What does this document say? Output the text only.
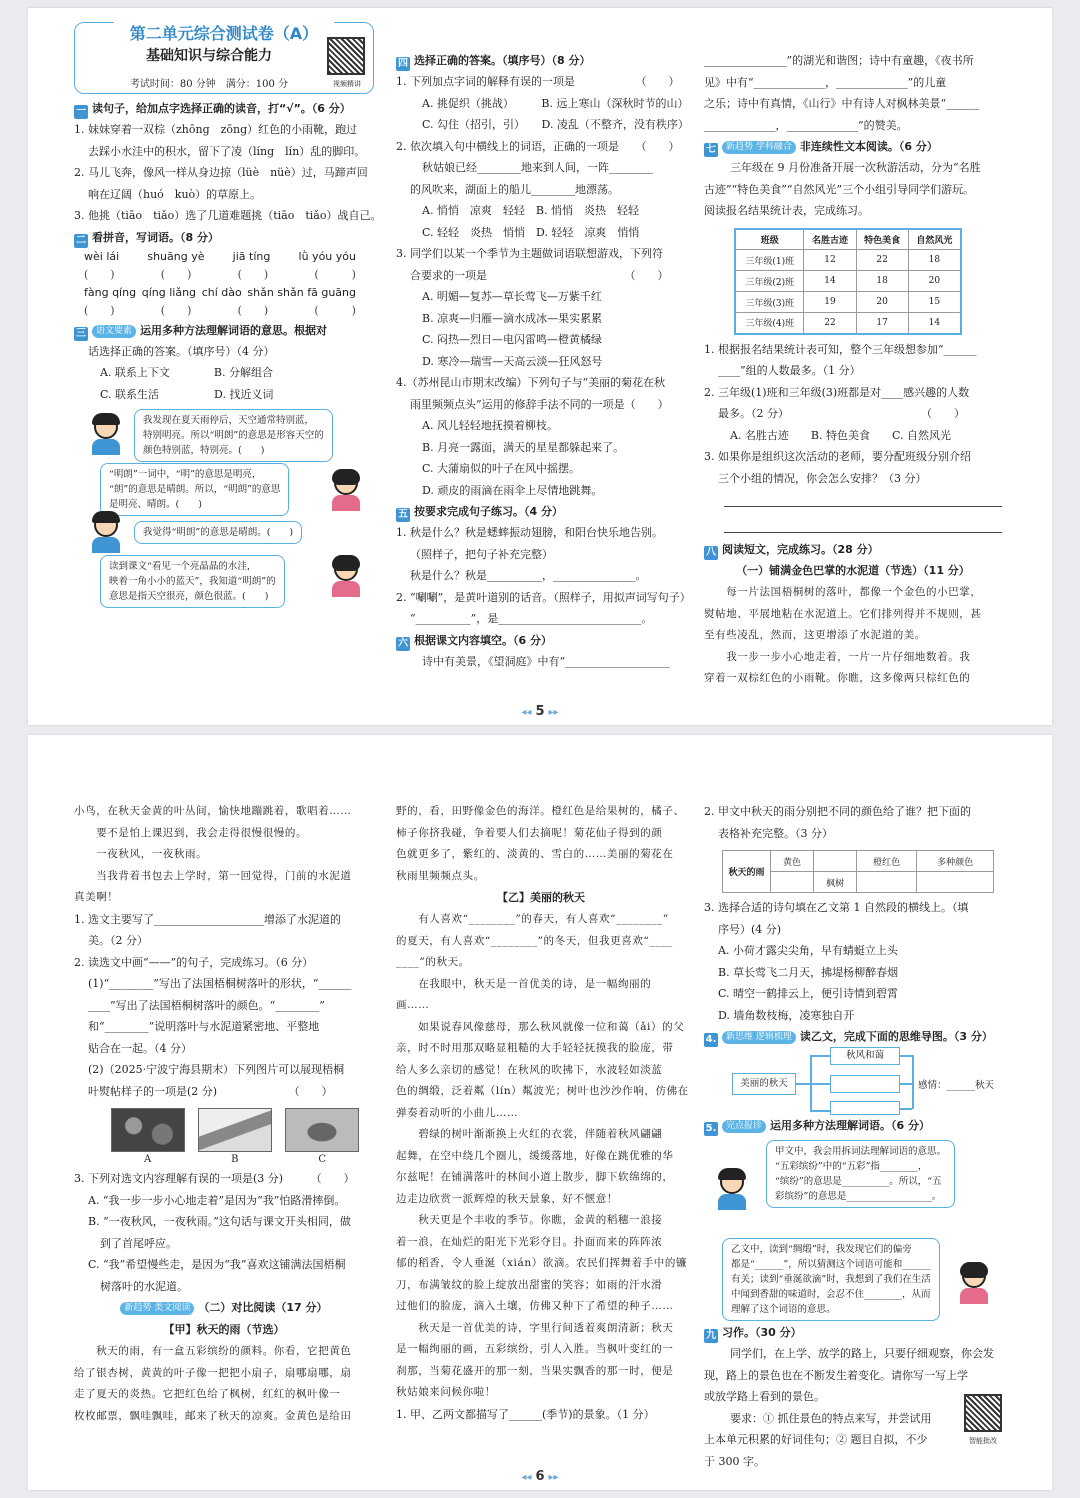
第二单元综合测试卷（A）
基础知识与综合能力
考试时间：80 分钟　满分：100 分	视频精讲
一 读句子，给加点字选择正确的读音，打“√”。（6 分）
1. 妹妹穿着一双棕（zhōng　zōng）红色的小雨靴，跑过
去踩小水洼中的积水，留下了凌（líng　lín）乱的脚印。
2. 马儿飞奔，像风一样从身边掠（lüè　nüè）过，马蹄声回
响在辽阔（huó　kuò）的草原上。
3. 他挑（tiāo　tiǎo）选了几道难题挑（tiāo　tiǎo）战自己。
二 看拼音，写词语。（8 分）
wèi lái	shuāng yè	jiā tíng	lǜ yóu yóu
(　　)	(　　)	(　　)	(　　　)
fàng qíng qíng liǎng chí dào shǎn shǎn fā guāng
(　　)	(　　)	(　　)	(　　　)
三 语文要素 运用多种方法理解词语的意思。根据对
话选择正确的答案。（填序号）（4 分）
A. 联系上下文　　　　B. 分解组合
C. 联系生活　　　　　D. 找近义词
我发现在夏天雨停后，天空通常特别蓝，
特别明亮。所以“明朗”的意思是形容天空的
颜色特别蓝，特别亮。(　　)
“明朗”一词中，“明”的意思是明亮，
“朗”的意思是晴朗。所以，“明朗”的意思
是明亮、晴朗。(　　)
我觉得“明朗”的意思是晴朗。(　　)
读到课文“看见一个亮晶晶的水洼，
映着一角小小的蓝天”，我知道“明朗”的
意思是指天空很亮，颜色很蓝。(　　)
四 选择正确的答案。（填序号）（8 分）
1. 下列加点字词的解释有误的一项是　　　　　　（　　）
A. 挑促织（挑战）　　　B. 远上寒山（深秋时节的山）
C. 勾住（招引，引）　　D. 凌乱（不整齐，没有秩序）
2. 依次填入句中横线上的词语，正确的一项是　　（　　）
秋姑娘已经________地来到人间，一阵________
的风吹来，湖面上的船儿________地漂荡。
A. 悄悄　凉爽　轻轻　B. 悄悄　炎热　轻轻
C. 轻轻　炎热　悄悄　D. 轻轻　凉爽　悄悄
3. 同学们以某一个季节为主题做词语联想游戏，下列符
合要求的一项是　　　　　　　　　　　　　（　　）
A. 明媚—复苏—草长莺飞—万紫千红
B. 凉爽—归雁—滴水成冰—果实累累
C. 闷热—烈日—电闪雷鸣—橙黄橘绿
D. 寒冷—瑞雪—天高云淡—狂风怒号
4.（苏州昆山市期末改编）下列句子与“美丽的菊花在秋
雨里频频点头”运用的修辞手法不同的一项是（　　）
A. 风儿轻轻地抚摸着柳枝。
B. 月亮一露面，满天的星星都躲起来了。
C. 大蒲扇似的叶子在风中摇摆。
D. 顽皮的雨滴在雨伞上尽情地跳舞。
五 按要求完成句子练习。（4 分）
1. 秋是什么？秋是蟋蟀振动翅膀，和阳台快乐地告别。
（照样子，把句子补充完整）
秋是什么？秋是__________，_______________。
2. “唰唰”，是黄叶道别的话音。（照样子，用拟声词写句子）
“__________”，是__________________________。
六 根据课文内容填空。（6 分）
诗中有美景，《望洞庭》中有“___________________
_______________”的湖光和谐图；诗中有童趣，《夜书所
见》中有“_____________，_____________”的儿童
之乐；诗中有真情，《山行》中有诗人对枫林美景“______
_____________，_____________”的赞美。
七 新趋势 学科融合 非连续性文本阅读。（6 分）
三年级在 9 月份准备开展一次秋游活动，分为“名胜
古迹”“特色美食”“自然风光”三个小组引导同学们游玩。
阅读报名结果统计表，完成练习。
班级	名胜古迹	特色美食	自然风光
三年级(1)班	12	22	18
三年级(2)班	14	18	20
三年级(3)班	19	20	15
三年级(4)班	22	17	14
1. 根据报名结果统计表可知，整个三年级想参加“______
____”组的人数最多。（1 分）
2. 三年级(1)班和三年级(3)班都是对____感兴趣的人数
最多。（2 分）　　　　　　　　　　　　　（　　）
A. 名胜古迹　　B. 特色美食　　C. 自然风光
3. 如果你是组织这次活动的老师，要分配班级分别介绍
三个小组的情况，你会怎么安排？（3 分）
八 阅读短文，完成练习。（28 分）
（一）铺满金色巴掌的水泥道（节选）（11 分）
　　每一片法国梧桐树的落叶，都像一个金色的小巴掌，
熨帖地、平展地粘在水泥道上。它们排列得并不规则，甚
至有些凌乱，然而，这更增添了水泥道的美。
　　我一步一步小心地走着，一片一片仔细地数着。我
穿着一双棕红色的小雨靴。你瞧，这多像两只棕红色的
◂◂ 5 ▸▸
小鸟，在秋天金黄的叶丛间，愉快地蹦跳着，歌唱着……
　　要不是怕上课迟到，我会走得很慢很慢的。
　　一夜秋风，一夜秋雨。
　　当我背着书包去上学时，第一回觉得，门前的水泥道
真美啊！
1. 选文主要写了____________________增添了水泥道的
美。（2 分）
2. 读选文中画“——”的句子，完成练习。（6 分）
(1)“________”写出了法国梧桐树落叶的形状，“______
____”写出了法国梧桐树落叶的颜色。“________”
和“________”说明落叶与水泥道紧密地、平整地
贴合在一起。（4 分）
(2)（2025·宁波宁海县期末）下列图片可以展现梧桐
叶熨帖样子的一项是(2 分)　　　　　　　（　　）
A	B	C
3. 下列对选文内容理解有误的一项是(3 分)　　　（　　）
A. “我一步一步小心地走着”是因为“我”怕路滑摔倒。
B. “一夜秋风，一夜秋雨。”这句话与课文开头相同，做
到了首尾呼应。
C. “我”希望慢些走，是因为“我”喜欢这铺满法国梧桐
树落叶的水泥道。
新趋势 类文阅读 （二）对比阅读（17 分）
【甲】秋天的雨（节选）
　　秋天的雨，有一盒五彩缤纷的颜料。你看，它把黄色
给了银杏树，黄黄的叶子像一把把小扇子，扇哪扇哪，扇
走了夏天的炎热。它把红色给了枫树，红红的枫叶像一
枚枚邮票，飘哇飘哇，邮来了秋天的凉爽。金黄色是给田
野的，看，田野像金色的海洋。橙红色是给果树的，橘子、
柿子你挤我碰，争着要人们去摘呢！菊花仙子得到的颜
色就更多了，紫红的、淡黄的、雪白的……美丽的菊花在
秋雨里频频点头。
【乙】美丽的秋天
　　有人喜欢“________”的春天，有人喜欢“________”
的夏天，有人喜欢“________”的冬天，但我更喜欢“____
____”的秋天。
　　在我眼中，秋天是一首优美的诗，是一幅绚丽的
画……
　　如果说春风像慈母，那么秋风就像一位和蔼（ǎi）的父
亲，时不时用那双略显粗糙的大手轻轻抚摸我的脸庞，带
给人多么亲切的感觉！在秋风的吹拂下，水波轻如淡蓝
色的绸缎，泛着粼（lín）粼波光；树叶也沙沙作响，仿佛在
弹奏着动听的小曲儿……
　　碧绿的树叶渐渐换上火红的衣裳，伴随着秋风翩翩
起舞，在空中绕几个圈儿，缓缓落地，好像在跳优雅的华
尔兹呢！在铺满落叶的林间小道上散步，脚下软绵绵的，
边走边欣赏一派辉煌的秋天景象，好不惬意！
　　秋天更是个丰收的季节。你瞧，金黄的稻穗一浪接
着一浪，在灿烂的阳光下光彩夺目。扑面而来的阵阵浓
郁的稻香，令人垂涎（xián）欲滴。农民们挥舞着手中的镰
刀，布满皱纹的脸上绽放出甜蜜的笑容；如雨的汗水滑
过他们的脸庞，滴入土壤，仿佛又种下了希望的种子……
　　秋天是一首优美的诗，字里行间透着爽朗清新；秋天
是一幅绚丽的画，五彩缤纷，引人入胜。当枫叶变红的一
刹那，当菊花盛开的那一刻，当果实飘香的那一时，便是
秋姑娘来问候你啦！
1. 甲、乙两文都描写了______(季节)的景象。（1 分）
2. 甲文中秋天的雨分别把不同的颜色给了谁？把下面的
表格补充完整。（3 分）
秋天的雨	黄色		橙红色	多种颜色
		枫树		
3. 选择合适的诗句填在乙文第 1 自然段的横线上。（填
序号）(4 分)
A. 小荷才露尖尖角，早有蜻蜓立上头
B. 草长莺飞二月天，拂堤杨柳醉春烟
C. 晴空一鹤排云上，便引诗情到碧霄
D. 墙角数枝梅，凌寒独自开
4. 新思维 逻辑梳理 读乙文，完成下面的思维导图。（3 分）
美丽的秋天
秋风和蔼
感情：______秋天
5. 完点报诊 运用多种方法理解词语。（6 分）
甲文中，我会用拆词法理解词语的意思。
“五彩缤纷”中的“五彩”指________，
“缤纷”的意思是__________。所以，“五
彩缤纷”的意思是__________________。
乙文中，读到“绸缎”时，我发现它们的偏旁
都是“______”，所以猜测这个词语可能和______
有关；读到“垂涎欲滴”时，我想到了我们在生活
中闻到香甜的味道时，会忍不住________，从而
理解了这个词语的意思。
九 习作。（30 分）
同学们，在上学、放学的路上，只要仔细观察，你会发
现，路上的景色也在不断发生着变化。请你写一写上学
或放学路上看到的景色。
要求：① 抓住景色的特点来写，并尝试用
上本单元积累的好词佳句；② 题目自拟，不少
于 300 字。
智能批改
◂◂ 6 ▸▸
